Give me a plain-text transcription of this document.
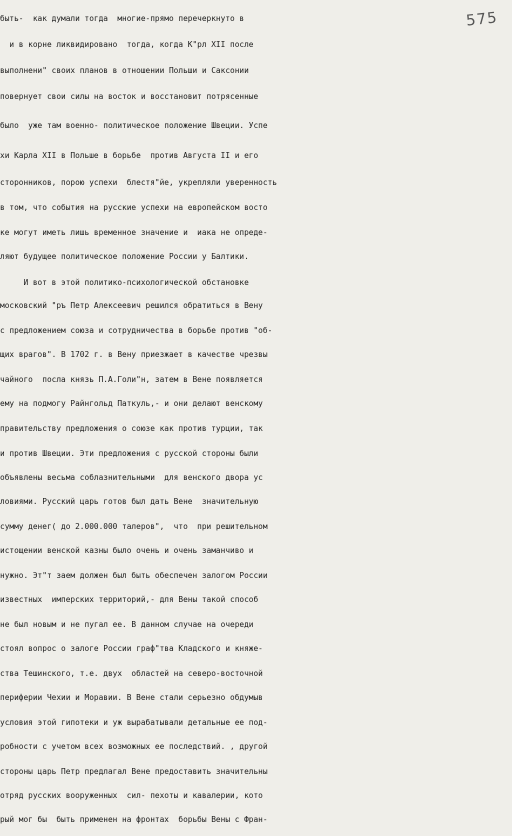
575
быть-  как думали тогда  многие-прямо перечеркнуто в
и в корне ликвидировано  тогда, когда К"рл XII после
выполнени" своих планов в отношении Польши и Саксонии
повернует свои силы на восток и восстановит потрясенные
было  уже там военно- политическое положение Швеции. Успе
хи Карла XII в Польше в борьбе  против Августа II и его
сторонников, порою успехи  блестя"йе, укрепляли уверенность
в том, что события на русские успехи на европейском восто
ке могут иметь лишь временное значение и  иака не опреде-
ляют будущее политическое положение России у Балтики.
И вот в этой политико-психологической обстановке
московский "ръ Петр Алексеевич решился обратиться в Вену
с предложением союза и сотрудничества в борьбе против "об-
щих врагов". В 1702 г. в Вену приезжает в качестве чрезвы
чайного  посла князь П.А.Голи"н, затем в Вене появляется
ему на подмогу Райнгольд Паткуль,- и они делают венскому
правительству предложения о союзе как против турции, так
и против Швеции. Эти предложения с русской стороны были
объявлены весьма соблазнительными  для венского двора ус
ловиями. Русский царь готов был дать Вене  значительную
сумму денег( до 2.000.000 талеров",  что  при решительном
истощении венской казны было очень и очень заманчиво и
нужно. Эт"т заем должен был быть обеспечен залогом России
известных  имперских территорий,- для Вены такой способ
не был новым и не пугал ее. В данном случае на очереди
стоял вопрос о залоге России граф"тва Кладского и княже-
ства Тешинского, т.е. двух  областей на северо-восточной
периферии Чехии и Моравии. В Вене стали серьезно обдумыв
условия этой гипотеки и уж вырабатывали детальные ее под-
робности с учетом всех возможных ее последствий. , другой
стороны царь Петр предлагал Вене предоставить значительны
отряд русских вооруженных  сил- пехоты и кавалерии, кото
рый мог бы  быть применен на фронтах  борьбы Вены с Фран-
